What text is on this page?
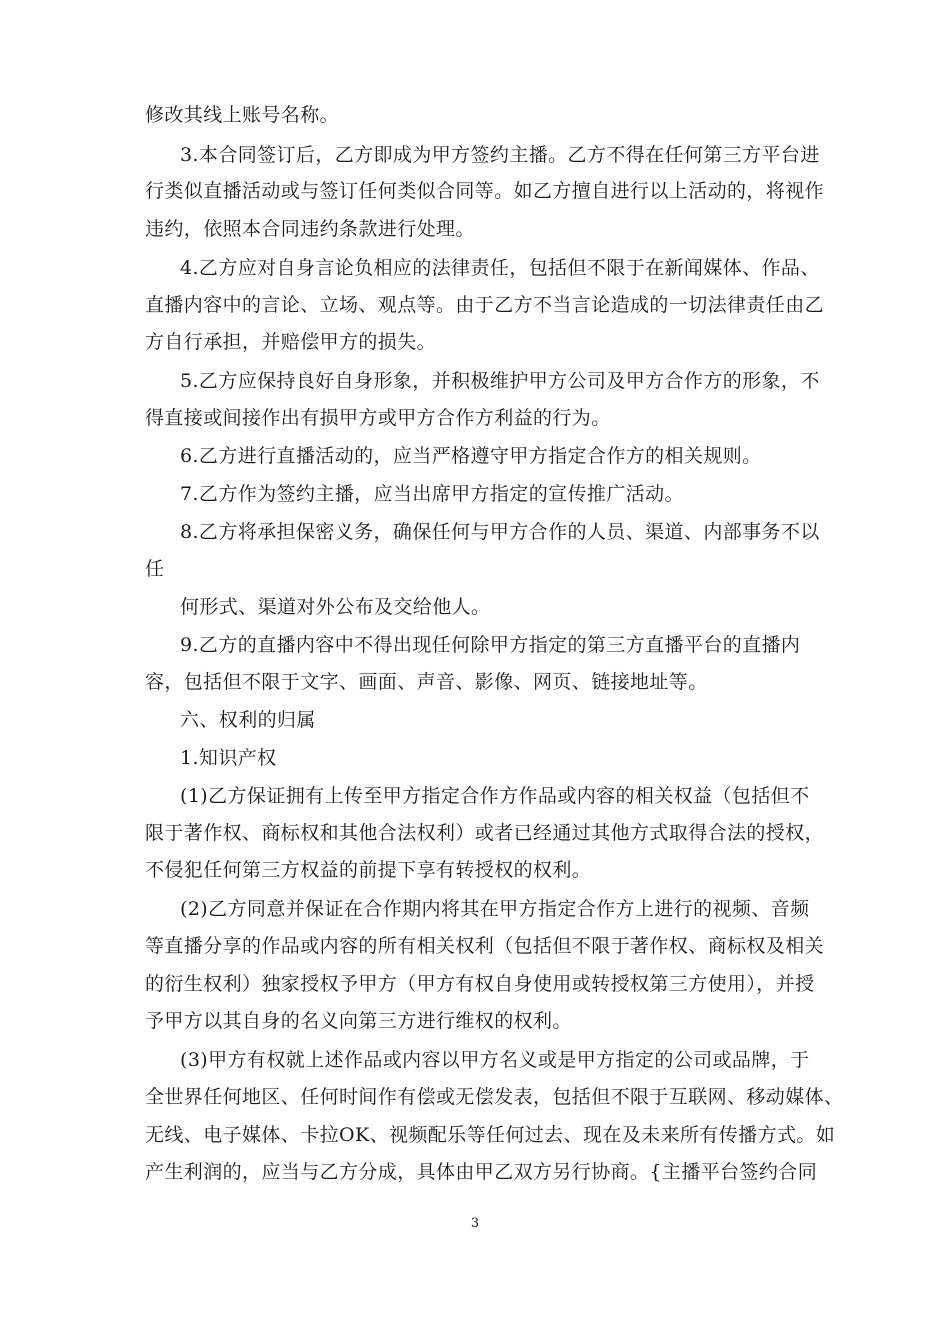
修改其线上账号名称。
3.本合同签订后，乙方即成为甲方签约主播。乙方不得在任何第三方平台进
行类似直播活动或与签订任何类似合同等。如乙方擅自进行以上活动的，将视作
违约，依照本合同违约条款进行处理。
4.乙方应对自身言论负相应的法律责任，包括但不限于在新闻媒体、作品、
直播内容中的言论、立场、观点等。由于乙方不当言论造成的一切法律责任由乙
方自行承担，并赔偿甲方的损失。
5.乙方应保持良好自身形象，并积极维护甲方公司及甲方合作方的形象，不
得直接或间接作出有损甲方或甲方合作方利益的行为。
6.乙方进行直播活动的，应当严格遵守甲方指定合作方的相关规则。
7.乙方作为签约主播，应当出席甲方指定的宣传推广活动。
8.乙方将承担保密义务，确保任何与甲方合作的人员、渠道、内部事务不以
任
何形式、渠道对外公布及交给他人。
9.乙方的直播内容中不得出现任何除甲方指定的第三方直播平台的直播内
容，包括但不限于文字、画面、声音、影像、网页、链接地址等。
六、权利的归属
1.知识产权
(1)乙方保证拥有上传至甲方指定合作方作品或内容的相关权益（包括但不
限于著作权、商标权和其他合法权利）或者已经通过其他方式取得合法的授权，
不侵犯任何第三方权益的前提下享有转授权的权利。
(2)乙方同意并保证在合作期内将其在甲方指定合作方上进行的视频、音频
等直播分享的作品或内容的所有相关权利（包括但不限于著作权、商标权及相关
的衍生权利）独家授权予甲方（甲方有权自身使用或转授权第三方使用），并授
予甲方以其自身的名义向第三方进行维权的权利。
(3)甲方有权就上述作品或内容以甲方名义或是甲方指定的公司或品牌，于
全世界任何地区、任何时间作有偿或无偿发表，包括但不限于互联网、移动媒体、
无线、电子媒体、卡拉OK、视频配乐等任何过去、现在及未来所有传播方式。如
产生利润的，应当与乙方分成，具体由甲乙双方另行协商。{主播平台签约合同
3
